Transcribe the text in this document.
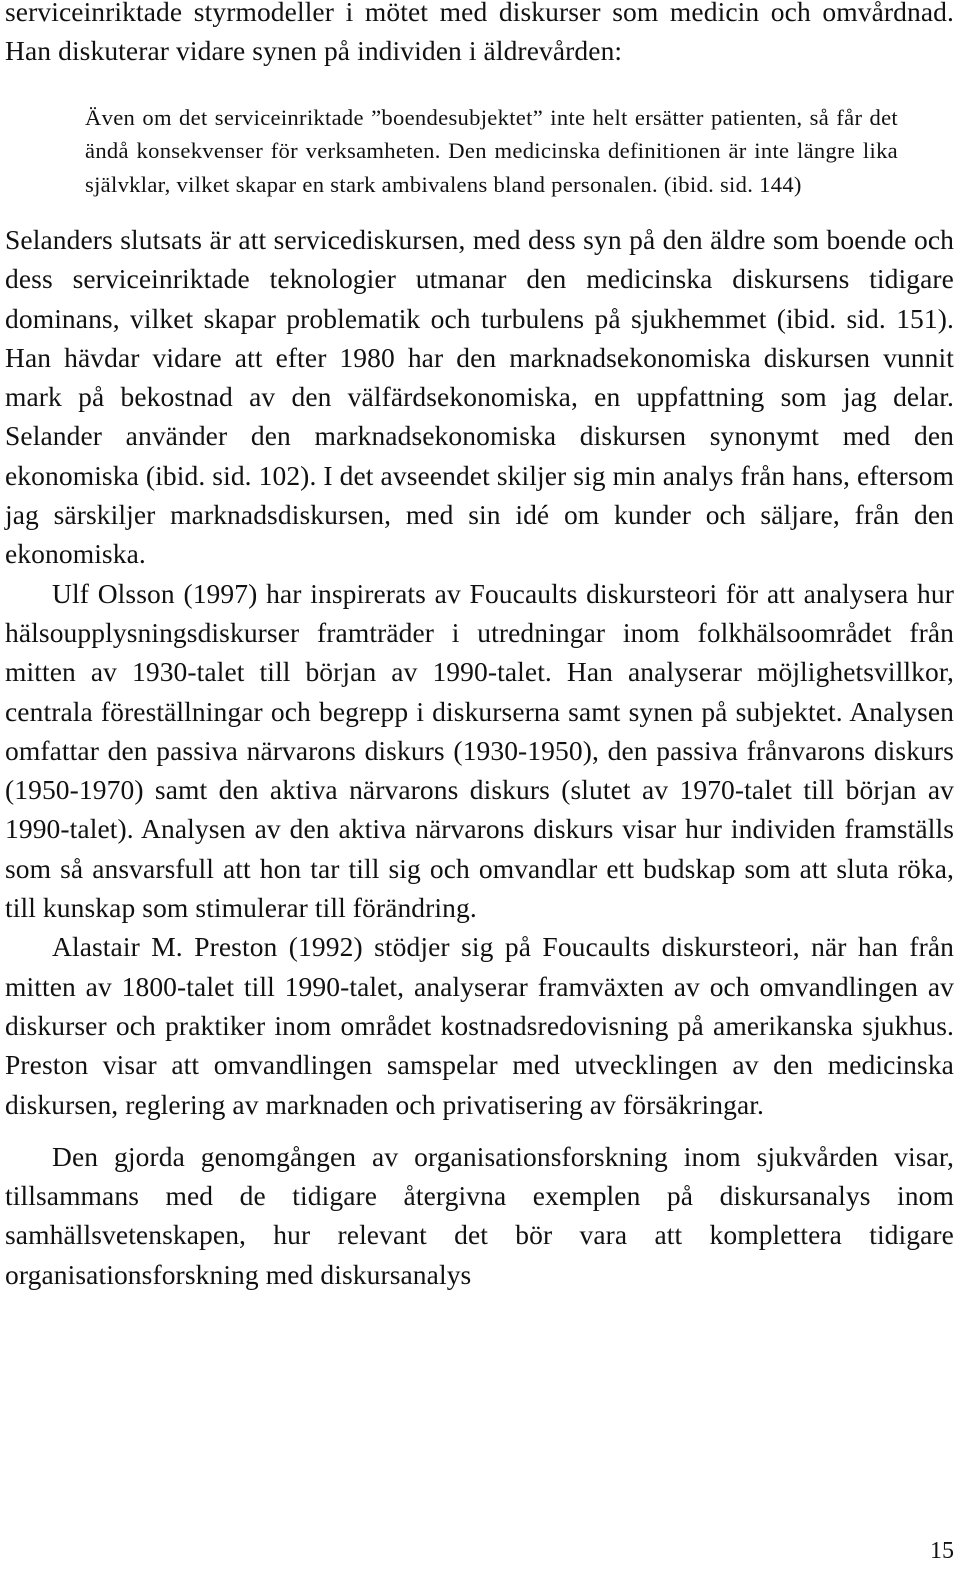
serviceinriktade styrmodeller i mötet med diskurser som medicin och omvårdnad. Han diskuterar vidare synen på individen i äldrevården:

Även om det serviceinriktade ”boendesubjektet” inte helt ersätter patienten, så får det ändå konsekvenser för verksamheten. Den medicinska definitionen är inte längre lika självklar, vilket skapar en stark ambivalens bland personalen. (ibid. sid. 144)

Selanders slutsats är att servicediskursen, med dess syn på den äldre som boende och dess serviceinriktade teknologier utmanar den medicinska diskursens tidigare dominans, vilket skapar problematik och turbulens på sjukhemmet (ibid. sid. 151). Han hävdar vidare att efter 1980 har den marknadsekonomiska diskursen vunnit mark på bekostnad av den välfärdsekonomiska, en uppfattning som jag delar. Selander använder den marknadsekonomiska diskursen synonymt med den ekonomiska (ibid. sid. 102). I det avseendet skiljer sig min analys från hans, eftersom jag särskiljer marknadsdiskursen, med sin idé om kunder och säljare, från den ekonomiska.

Ulf Olsson (1997) har inspirerats av Foucaults diskursteori för att analysera hur hälsoupplysningsdiskurser framträder i utredningar inom folkhälsoområdet från mitten av 1930-talet till början av 1990-talet. Han analyserar möjlighetsvillkor, centrala föreställningar och begrepp i diskurserna samt synen på subjektet. Analysen omfattar den passiva närvarons diskurs (1930-1950), den passiva frånvarons diskurs (1950-1970) samt den aktiva närvarons diskurs (slutet av 1970-talet till början av 1990-talet). Analysen av den aktiva närvarons diskurs visar hur individen framställs som så ansvarsfull att hon tar till sig och omvandlar ett budskap som att sluta röka, till kunskap som stimulerar till förändring.

Alastair M. Preston (1992) stödjer sig på Foucaults diskursteori, när han från mitten av 1800-talet till 1990-talet, analyserar framväxten av och omvandlingen av diskurser och praktiker inom området kostnadsredovisning på amerikanska sjukhus. Preston visar att omvandlingen samspelar med utvecklingen av den medicinska diskursen, reglering av marknaden och privatisering av försäkringar.

Den gjorda genomgången av organisationsforskning inom sjukvården visar, tillsammans med de tidigare återgivna exemplen på diskursanalys inom samhällsvetenskapen, hur relevant det bör vara att komplettera tidigare organisationsforskning med diskursanalys

15
